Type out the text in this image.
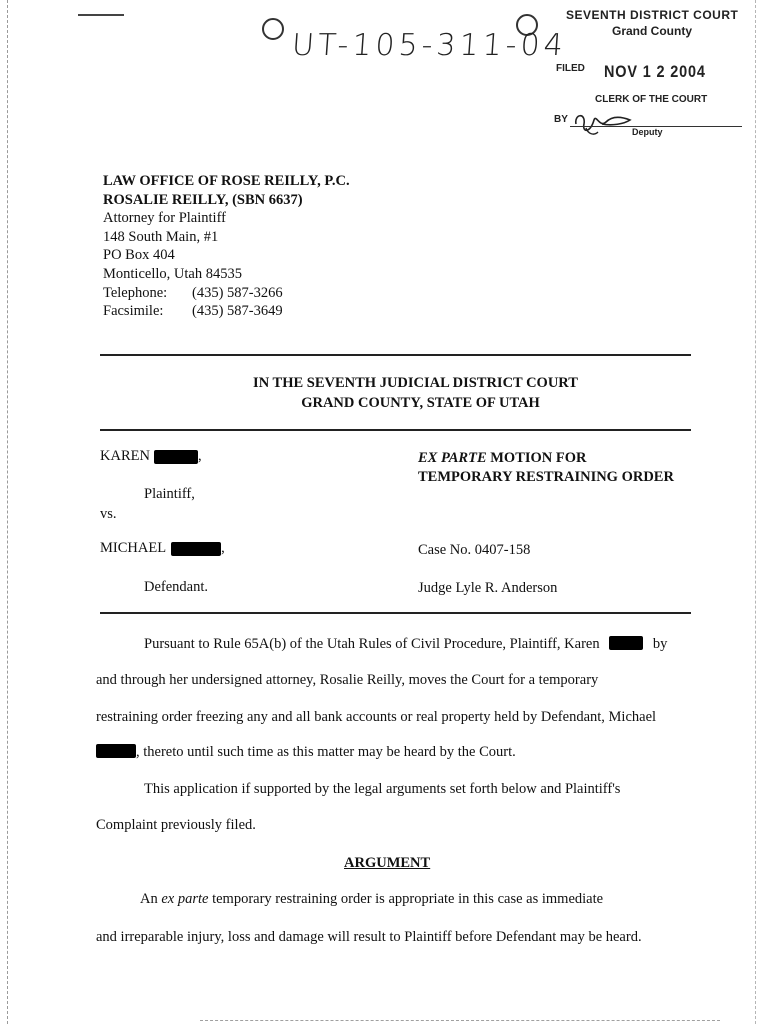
UT-105-311-04
SEVENTH DISTRICT COURT
Grand County
FILED NOV 1 2 2004
CLERK OF THE COURT
BY
Deputy
LAW OFFICE OF ROSE REILLY, P.C.
ROSALIE REILLY, (SBN 6637)
Attorney for Plaintiff
148 South Main, #1
PO Box 404
Monticello, Utah 84535
Telephone:	(435) 587-3266
Facsimile:	(435) 587-3649
IN THE SEVENTH JUDICIAL DISTRICT COURT
GRAND COUNTY, STATE OF UTAH
KAREN	,
Plaintiff,
vs.
MICHAEL	,
Defendant.
EX PARTE MOTION FOR
TEMPORARY RESTRAINING ORDER
Case No. 0407-158
Judge Lyle R. Anderson
Pursuant to Rule 65A(b) of the Utah Rules of Civil Procedure, Plaintiff, Karen	by
and through her undersigned attorney, Rosalie Reilly, moves the Court for a temporary
restraining order freezing any and all bank accounts or real property held by Defendant, Michael
, thereto until such time as this matter may be heard by the Court.
This application if supported by the legal arguments set forth below and Plaintiff's
Complaint previously filed.
An ex parte temporary restraining order is appropriate in this case as immediate
and irreparable injury, loss and damage will result to Plaintiff before Defendant may be heard.
ARGUMENT
